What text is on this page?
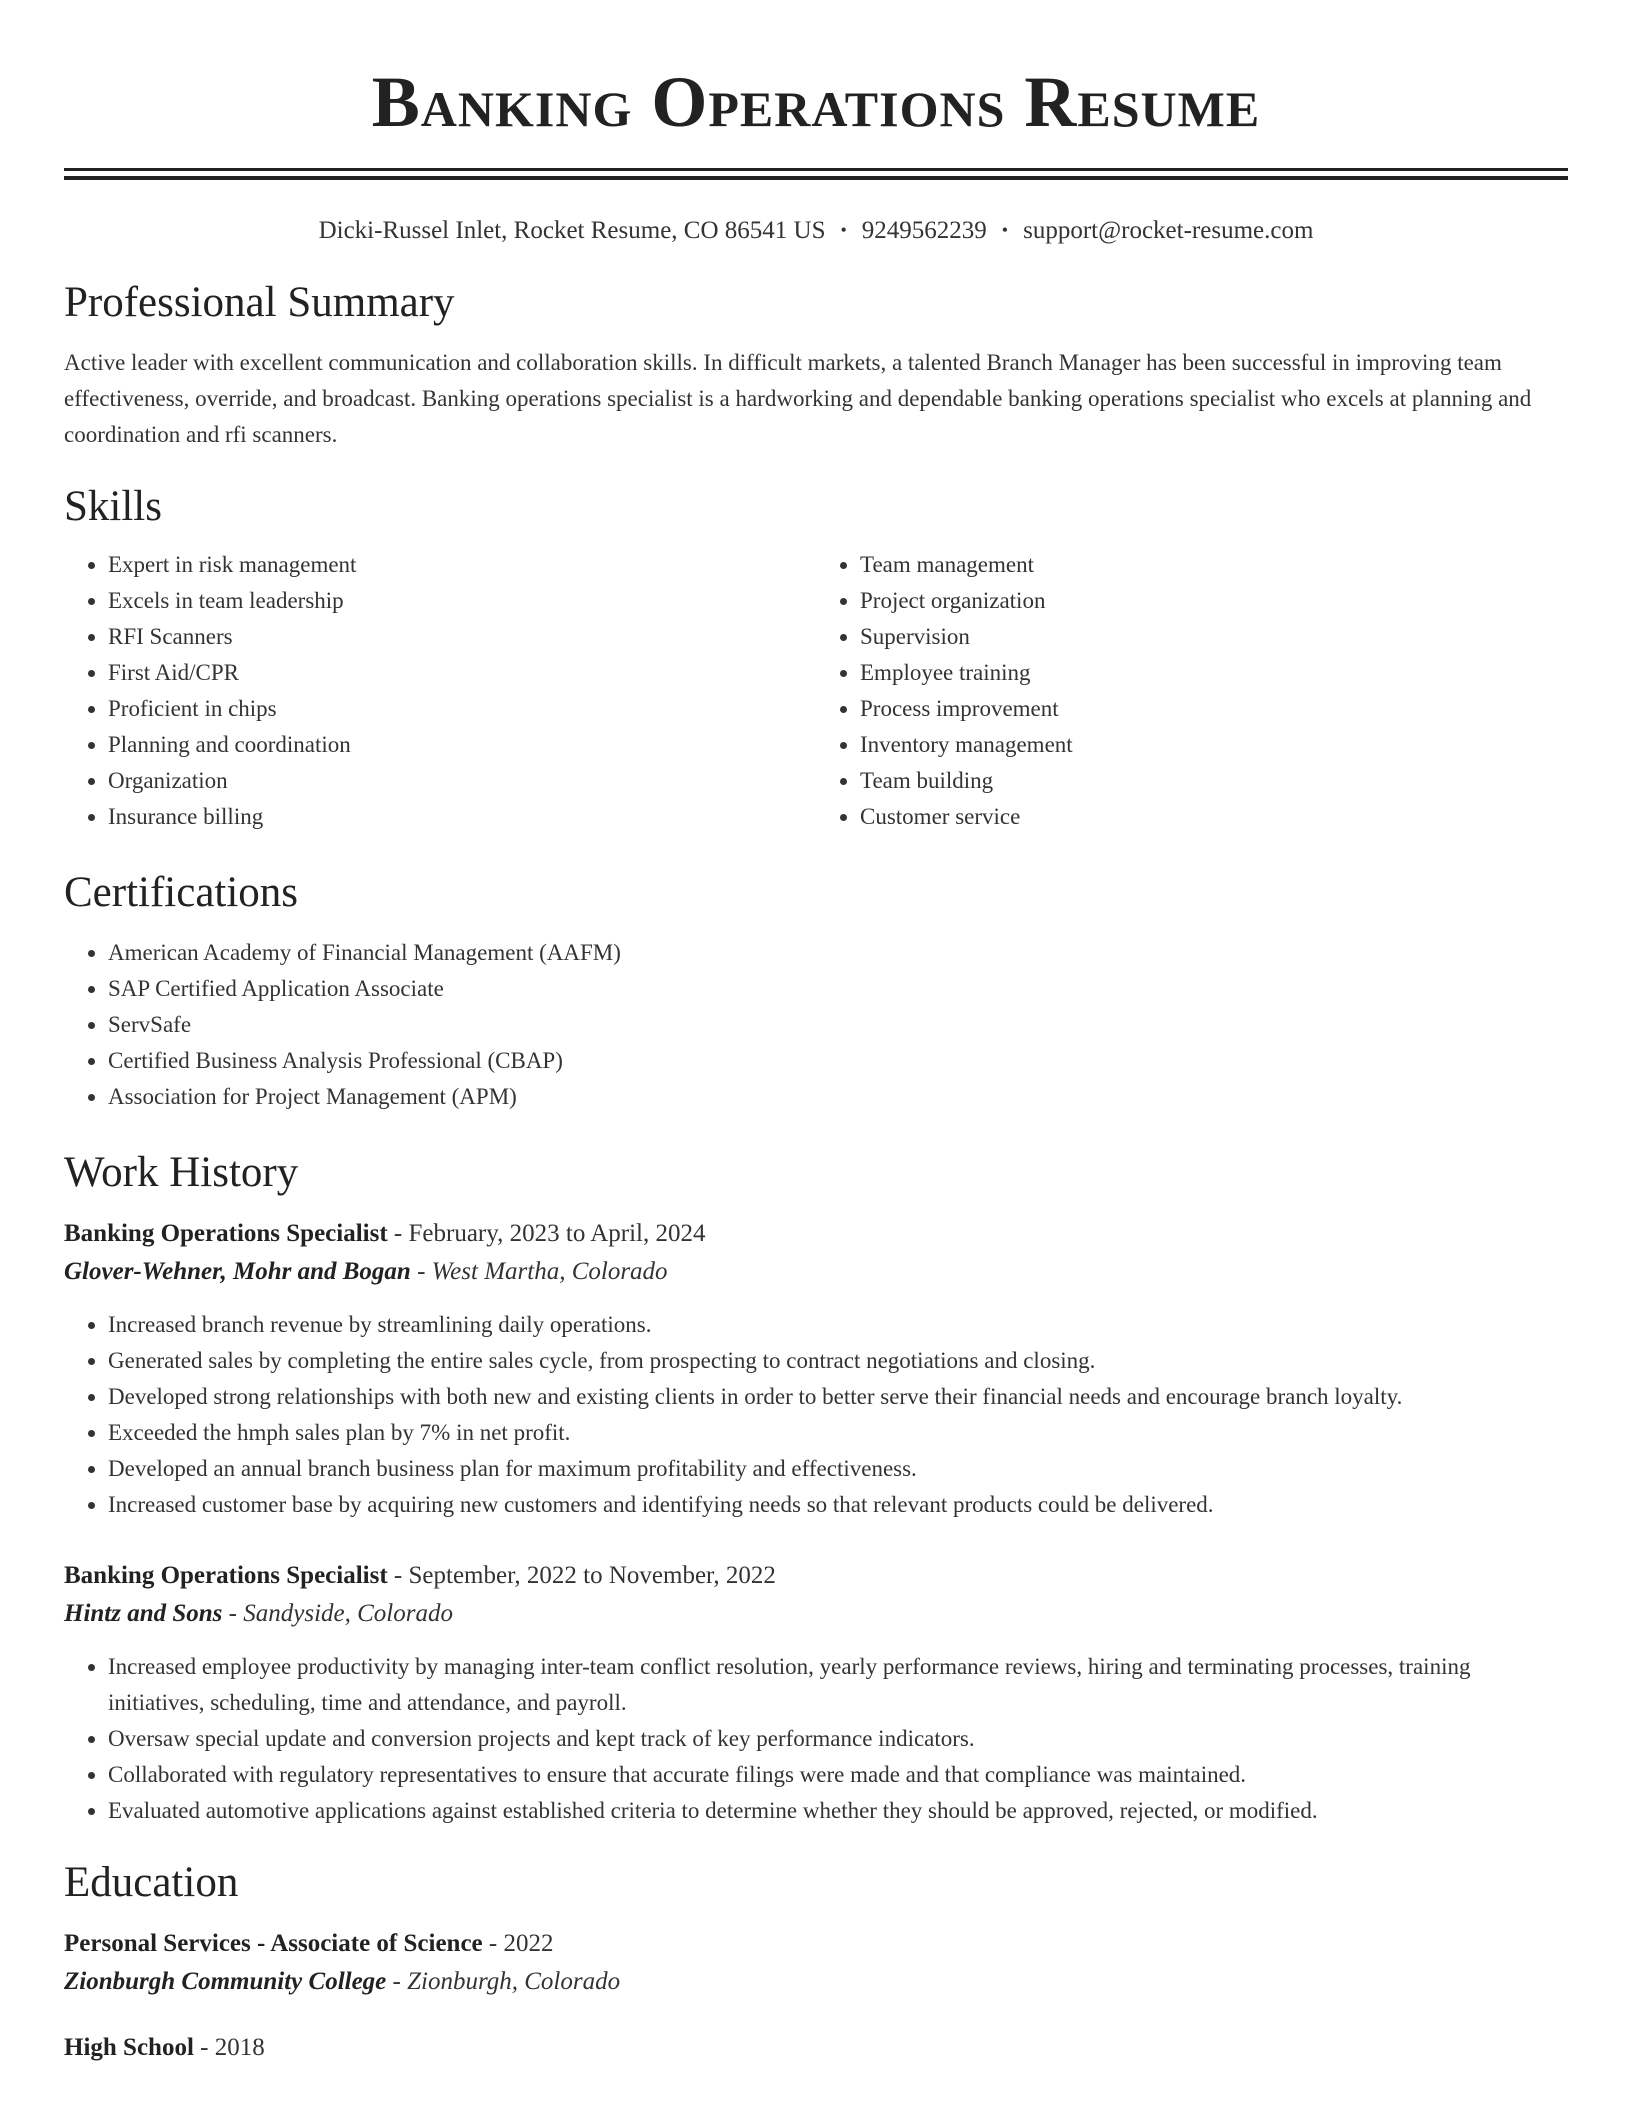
Banking Operations Resume
Dicki-Russel Inlet, Rocket Resume, CO 86541 US • 9249562239 • support@rocket-resume.com
Professional Summary

Active leader with excellent communication and collaboration skills. In difficult markets, a talented Branch Manager has been successful in improving team effectiveness, override, and broadcast. Banking operations specialist is a hardworking and dependable banking operations specialist who excels at planning and coordination and rfi scanners.

Skills
• Expert in risk management
• Excels in team leadership
• RFI Scanners
• First Aid/CPR
• Proficient in chips
• Planning and coordination
• Organization
• Insurance billing
• Team management
• Project organization
• Supervision
• Employee training
• Process improvement
• Inventory management
• Team building
• Customer service
Certifications
• American Academy of Financial Management (AAFM)
• SAP Certified Application Associate
• ServSafe
• Certified Business Analysis Professional (CBAP)
• Association for Project Management (APM)
Work History
Banking Operations Specialist - February, 2023 to April, 2024
Glover-Wehner, Mohr and Bogan - West Martha, Colorado
• Increased branch revenue by streamlining daily operations.
• Generated sales by completing the entire sales cycle, from prospecting to contract negotiations and closing.
• Developed strong relationships with both new and existing clients in order to better serve their financial needs and encourage branch loyalty.
• Exceeded the hmph sales plan by 7% in net profit.
• Developed an annual branch business plan for maximum profitability and effectiveness.
• Increased customer base by acquiring new customers and identifying needs so that relevant products could be delivered.
Banking Operations Specialist - September, 2022 to November, 2022
Hintz and Sons - Sandyside, Colorado
• Increased employee productivity by managing inter-team conflict resolution, yearly performance reviews, hiring and terminating processes, training initiatives, scheduling, time and attendance, and payroll.
• Oversaw special update and conversion projects and kept track of key performance indicators.
• Collaborated with regulatory representatives to ensure that accurate filings were made and that compliance was maintained.
• Evaluated automotive applications against established criteria to determine whether they should be approved, rejected, or modified.
Education
Personal Services - Associate of Science - 2022
Zionburgh Community College - Zionburgh, Colorado
High School - 2018
